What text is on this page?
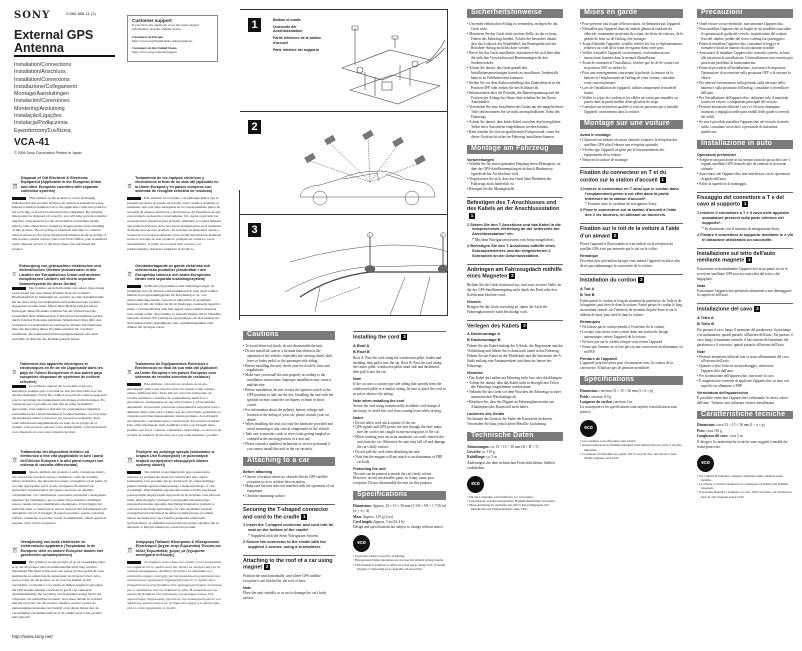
SONY	2-684-858-11 (1)
External GPS
Antenna
Installation/Connections
Installation/Anschluss
Installation/Connexions
Installazione/Collegamenti
Montage/Aansluitingen
Instalación/Conexiones
Montering/Anslutning
Instalação/Ligações
Instalacja/Podłączenia
Εγκατάσταση/Συνδέσεις
VCA-41
© 2006 Sony Corporation Printed in Japan
Customer support
If you have any questions or for the latest support information, visit the website below:
Customers in Europe
http://www.sonydigital-link.com/navigation/
Customers in the United States
http://www.sony.com/navsupport
Disposal of Old Electrical & Electronic Equipment (Applicable in the European Union and other European countries with separate collection systems)
This symbol on the product or on its packaging indicates that this product shall not be treated as household waste. Instead it shall be handed over to the applicable collection point for the recycling of electrical and electronic equipment. By ensuring this product is disposed of correctly, you will help prevent potential negative consequences for the environment and human health, which could otherwise be caused by inappropriate waste handling of this product. The recycling of materials will help to conserve natural resources. For more detailed information about recycling of this product, please contact your local Civic Office, your household waste disposal service or the shop where you purchased the product.
Tratamiento de los equipos eléctricos y electrónicos al final de su vida útil (aplicable en la Unión Europea y en países europeos con sistemas de recogida selectiva de residuos)
Este símbolo en el equipo o el embalaje indica que el presente producto no puede ser tratado como residuos domésticos normales, sino que debe entregarse en el correspondiente punto de recogida de equipos eléctricos y electrónicos. Al asegurarse de que este producto se desecha correctamente, Ud. ayuda a prevenir las consecuencias negativas para el medio ambiente y la salud humana que podrían derivarse de la incorrecta manipulación en el momento de deshacerse de este producto. El reciclaje de materiales ayuda a conservar los recursos naturales. Para recibir información detallada sobre el reciclaje de este producto, póngase en contacto con el ayuntamiento, el punto de recogida más cercano o el establecimiento donde ha adquirido el producto.
Entsorgung von gebrauchten elektrischen und elektronischen Geräten (anzuwenden in den Ländern der Europäischen Union und anderen europäischen Ländern mit einem separaten Sammelsystem für diese Geräte)
Das Symbol auf dem Produkt oder seiner Verpackung weist darauf hin, dass dieses Produkt nicht als normaler Haushaltsabfall zu behandeln ist, sondern an einer Annahmestelle für das Recycling von elektrischen und elektronischen Geräten abgegeben werden muss. Durch Ihren Beitrag zum korrekten Entsorgen dieses Produkts schützen Sie die Umwelt und die Gesundheit Ihrer Mitmenschen. Umwelt und Gesundheit werden durch falsches Entsorgen gefährdet. Materialrecycling hilft, den Verbrauch von Rohstoffen zu verringern. Weitere Informationen über das Recycling dieses Produkts erhalten Sie von Ihrer Gemeinde, den kommunalen Entsorgungsbetrieben oder dem Geschäft, in dem Sie das Produkt gekauft haben.
Omhändertagande av gamla elektriska och elektroniska produkter (Användbar i den Europeiska Unionen och andra Europeiska länder med separata insamlingssystem)
Symbolen på produkten eller emballaget anger att produkten inte får hanteras som hushållsavfall. Den skall i stället lämnas in på uppsamlingsplats för återvinning av el- och elektronikkomponenter. Genom att säkerställa att produkten hanteras på rätt sätt bidrar du till att förebygga eventuella negativa miljö- och hälsoeffekter som kan uppstå om produkten kasseras som vanligt avfall. Återvinning av material hjälper till att bibehålla naturens resurser. För ytterligare upplysningar om återvinning bör du kontakta lokala myndigheter eller sophämtningstjänst eller affären där du köpte varan.
Traitement des appareils électriques et électroniques en fin de vie (Applicable dans les pays de l'Union Européenne et aux autres pays européens disposant de systèmes de collecte sélective)
Ce symbole, apposé sur le produit ou sur son emballage, indique que ce produit ne doit pas être traité avec les déchets ménagers. Il doit être remis à un point de collecte approprié pour le recyclage des équipements électriques et électroniques. En s'assurant que ce produit est bien mis au rebut de manière appropriée, vous aiderez à prévenir les conséquences négatives potentielles pour l'environnement et la santé humaine. Le recyclage des matériaux aidera à préserver les ressources naturelles. Pour toute information supplémentaire au sujet du recyclage de ce produit, vous pouvez contacter votre municipalité, votre déchetterie ou le magasin où vous avez acheté le produit.
Tratamento de Equipamentos Eléctricos e Electrónicos no final da sua vida útil (Aplicável na União Europeia e em países Europeus com sistemas de recolha selectiva de resíduos)
Este símbolo, colocado no produto ou na sua embalagem, indica que este não deve ser tratado como resíduo urbano indiferenciado. Deve sim ser colocado num ponto de recolha destinado a resíduos de equipamentos eléctricos e electrónicos. Assegurando-se que este produto é correctamente depositado, irá prevenir potenciais consequências negativas para o ambiente bem como para a saúde, que de outra forma poderiam ser causadas pelo mau manuseamento destes produtos. A reciclagem dos materiais contribuirá para a conservação dos recursos naturais. Para obter informação mais detalhada sobre a reciclagem deste produto, por favor contacte o município onde reside, os serviços de recolha de resíduos da sua área ou a loja onde adquiriu o produto.
Trattamento del dispositivo elettrico od elettronico a fine vita (applicabile in tutti i paesi dell'Unione Europea e in altri paesi europei con sistema di raccolta differenziata)
Questo simbolo sul prodotto o sulla confezione indica che il prodotto non deve essere considerato come un normale rifiuto domestico, ma deve invece essere consegnato ad un punto di raccolta appropriato per il riciclo di apparecchi elettrici ed elettronici. Assicurandovi che questo prodotto sia smaltito correttamente, voi contribuirete a prevenire potenziali conseguenze negative per l'ambiente e per la salute che potrebbero altrimenti essere causate dal suo smaltimento inadeguato. Il riciclaggio dei materiali aiuta a conservare le risorse naturali. Per informazioni più dettagliate circa il riciclaggio di questo prodotto, potete contattare l'ufficio comunale, il servizio locale di smaltimento rifiuti oppure il negozio dove l'avete acquistato.
Pozbycie się zużytego sprzętu (stosowane w krajach Unii Europejskiej i w pozostałych krajach europejskich stosujących własne systemy zbiórki)
Ten symbol na produkcie lub jego opakowaniu oznacza, że produkt nie może być traktowany jako odpad komunalny, lecz powinno się go dostarczyć do odpowiedniego punktu zbiórki sprzętu elektrycznego i elektronicznego, w celu recyklingu. Odpowiednie zagospodarowanie wyrobu zapobiega potencjalnym negatywnym wpływom na środowisko oraz zdrowie ludzi, jakie mogłyby wystąpić w przypadku niewłaściwego zagospodarowania odpadów. Recykling materiałów pomoże w ochronie środowiska naturalnego. W celu uzyskania bardziej szczegółowych informacji na temat recyklingu tego produktu, należy skontaktować się z lokalną jednostką samorządu terytorialnego, ze służbami zagospodarowywania odpadów lub ze sklepem, w którym zakupiony został ten produkt.
Verwijdering van oude elektrische en elektronische apparaten (Toepasbaar in de Europese Unie en andere Europese landen met gescheiden ophaalsystemen)
Het symbool op het product of op de verpakking wijst erop dat dit product niet als huishoudelijk afval mag worden behandeld. Het moet echter naar een plaats worden gebracht waar elektrische en elektronische apparatuur wordt gerecycled. Als u ervoor zorgt dat dit product op de correcte manier wordt verwijderd, voorkomt u voor mens en milieu negatieve gevolgen die zich zouden kunnen voordoen in geval van verkeerde afvalbehandeling. De recycling van materialen draagt bij tot het vrijwaren van natuurlijke bronnen. Voor meer details in verband met het recyclen van dit product, neemt u contact op met de gemeentelijke instanties, het bedrijf of de dienst belast met de verwijdering van huishoudafval of de winkel waar u het product hebt gekocht.
Απόρριψη Παλαιού Ηλεκτρικού & Ηλεκτρονικού Εξοπλισμού (Ισχύει στην Ευρωπαϊκή Ένωση και άλλες Ευρωπαϊκές χώρες με ξεχωριστά συστήματα συλλογής)
Το σύμβολο αυτό επάνω στο προϊόν ή στη συσκευασία του σημαίνει ότι το προϊόν αυτό δεν πρέπει να πεταχτεί μαζί με τα οικιακά απορρίμματα. Αντίθετα, θα πρέπει να παραδοθεί στο κατάλληλο σημείο συλλογής για την ανακύκλωση ηλεκτρικού και ηλεκτρονικού εξοπλισμού. Εξασφαλίζοντας ότι το προϊόν αυτό απορρίπτεται σωστά, βοηθάτε στην πρόληψη αρνητικών συνεπειών για το περιβάλλον και την ανθρώπινη υγεία. Η ανακύκλωση των υλικών θα βοηθήσει στη διατήρηση των φυσικών πόρων. Για περισσότερες πληροφορίες σχετικά με την ανακύκλωση αυτού του προϊόντος, επικοινωνήστε με τις δημοτικές αρχές ή το κατάστημα από το οποίο αγοράσατε το προϊόν.
http://www.sony.net/
1	Bottom of cradle
Unterseite der Anschlussstation
Partie inférieure de la station d'accueil
Parte inferiore del supporto
2
3	A	B
Cautions
• To avoid electrical shock, do not disassemble the unit.
• Do not install the unit in a location that obstructs the operation of the vehicle, especially the steering wheel, shift lever or brake pedal, or the passenger side airbag.
• Before installing the unit, check your local traffic laws and regulations.
• Make sure you install the unit properly according to the installation instructions. Improper installation may cause a malfunction.
• Before installation, be sure to turn the ignition switch to the OFF position or take out the key. Installing the unit with the ignition on may cause the car battery to drain or short circuit.
• For information about the polarity, battery voltage and location of the airbag of your car, please consult your car dealer.
• When installing the unit, use only the hardware provided and avoid mounting to any critical components of the vehicle.
• Take care to prevent cords or wires from getting tangled or crimped in the moving portion of a seat rail.
• Please consult a qualified technician or service personnel if you cannot install this unit in the car securely.
Attaching to a car
Before attaching
• Choose a location where no obstacle blocks GPS satellite reception so as to achieve best reception.
• Make sure the unit does not interfere with the operation of car equipment.
• Clean the mounting surface.
Securing the T-shaped connector and cord to the cradle 1
1 Insert the T-shaped connector and cord into its seat on the bottom of the cradle*.
* Supplied with the Sony Navigation System.
2 Secure the connector to the cradle with the supplied 2 screws, using a screwdriver.
Attaching to the roof of a car using magnet 2
Position the unit horizontally, and where GPS satellite reception is not blocked by the roof or boot.
Note
Place the unit carefully so as not to damage the car's body surface.
Installing the cord 3
A Roof A
B Roof B
Roof A: Pass the cord along the windscreen pillar, fender and molding, then pull it into the car. Roof B: Pass the cord along the center pillar, windscreen pillar inner side and dashboard, then pull it into the car.
Note
If the car uses a curtain type side airbag that spreads from the windscreen pillar or a similar airbag, be sure to place the cord so as not to obstruct the airbag.
Note when installing the cord
Secure the cord using commercially available cord clamps if necessary, to avoid the cord from coming loose while driving.
Notes
• Do not allow cord slack outside of the car.
• GPS signals and GPS power are sent through the unit; make sure the cord is not caught in any moving parts of the car.
• When washing your car in an automatic car wash, remove the unit from the car. Otherwise the unit may fall off and damage the car's body surface.
• Do not pull the cord when detaching the unit.
• Note that the magnet will not attach to an aluminium or FRP car body.
Protecting the unit
The unit can be painted to match the car's body colour. However, do not use metallic paint, as it may cause poor reception. Do not disassemble the unit for this purpose.
Specifications
Dimensions: Approx. 33 × 15 × 36 mm (1 3/8 × 5/8 × 1 7/16 in) (w × h × d)
Mass: Approx. 110 g (4 oz)
Cord length: Approx. 5 m (16.4 ft)
Design and specifications are subject to change without notice.
eco
• Lead-free solder is used for soldering.
• Halogenated flame retardants are not used in printed wiring boards.
• This manual is printed on 100% recycled paper using VOC (Volatile Organic Compound)-free vegetable oil-based ink.
Sicherheitshinweise
• Um einen elektrischen Schlag zu vermeiden, zerlegen Sie das Gerät nicht.
• Montieren Sie das Gerät nicht an einer Stelle, an der es beim Fahren des Fahrzeugs hindert. Achten Sie besonders darauf, dass das Lenkrad, der Schalthebel, das Bremspedal und der Beifahrer-Airbag nicht blockiert werden.
• Bevor Sie das Gerät installieren, informieren Sie sich bitte über die örtlichen Vorschriften und Bestimmungen für den Straßenverkehr.
• Achten Sie darauf, das Gerät gemäß den Installationsanweisungen korrekt zu installieren. Andernfalls kann es zu Fehlfunktionen kommen.
• Stellen Sie vor dem Einbau unbedingt den Zündschlüssel in die Position OFF oder ziehen Sie den Schlüssel ab.
• Informationen über die Polarität, die Batteriespannung und die Position der Airbags bei Ihrem Auto erhalten Sie bei Ihrem Autohändler.
• Verwenden Sie zum Installieren des Geräts nur die mitgelieferten Teile und montieren Sie sie nicht an empfindlichen Teilen des Fahrzeugs.
• Achten Sie darauf, dass keine Kabel zwischen den beweglichen Teilen einer Sitzschiene eingeklemmt werden können.
• Bitte wenden Sie sich an qualifiziertes Fachpersonal, wenn Sie dieses Gerät nicht sicher im Fahrzeug installieren können.
Montage am Fahrzeug
Vorbereitungen
• Wählen Sie für einen optimalen Empfang einen Montageort, an dem der GPS-Satellitenempfang nicht durch Hindernisse irgendwelcher Art blockiert wird.
• Vergewissern Sie sich, dass das Gerät beim Bedienen des Fahrzeugs nicht hinderlich ist.
• Reinigen Sie die Montagestelle.
Befestigen des T-Anschlusses und des Kabels an der Anschlussstation1
1 Setzen Sie den T-Anschluss und das Kabel in die entsprechende Vertiefung an der Unterseite der Anschlussstation* ein.
* Mit dem Navigationssystem von Sony mitgeliefert.
2 Befestigen Sie den T-Anschluss mithilfe eines Schraubenziehers und der mitgelieferten 2 Schrauben an der Anschlussstation.
Anbringen am Fahrzeugdach mithilfe eines Magneten 2
Richten Sie das Gerät horizontal aus, und zwar an einer Stelle, an der der GPS-Satellitenempfang nicht durch das Dach oder den Kofferraum blockiert wird.
Hinweis
Bringen Sie das Gerät vorsichtig an, damit der Lack der Fahrzeugkarosserie nicht beschädigt wird.
Verlegen des Kabels 3
A Dachmontage A
B Dachmontage B
Führen Sie das Kabel entlang der A-Säule, der Regenrinne und der Verkleidung und führen Sie es dann nach innen in das Fahrzeug. Führen Sie das Kabel an der Mittelsäule und der Innenseite der A-Säule entlang zum Armaturenbrett und dann ins Innere des Fahrzeugs.
Hinweise
• Das Kabel darf außen am Fahrzeug nicht lose oder durchhängen.
• Achten Sie darauf, dass das Kabel nicht in beweglichen Teilen des Fahrzeugs eingeklemmt werden kann.
• Nehmen Sie das Gerät vor dem Waschen des Fahrzeugs in einer automatischen Waschanlage ab.
• Beachten Sie, dass der Magnet an Fahrzeugkarosserien aus Aluminium oder Kunststoff nicht haftet.
Lackieren des Geräts
Sie können das Gerät in der Farbe der Karosserie lackieren. Verwenden Sie dazu jedoch keine Metallic-Lackierung.
Technische Daten
Abmessungen: ca. 33 × 15 × 36 mm (B × H × T)
Gewicht: ca. 110 g
Kabellänge: ca. 5 m
Änderungen, die dem technischen Fortschritt dienen, bleiben vorbehalten.
eco
• Für die Lötpunkte wird bleifreies Lot verwendet.
• Leiterplatten wurden halogenfreie Flammschutzmittel verwendet.
• Diese Anleitung ist gedruckt auf 100 % Recyclingpapier mit Druckfarbe auf Pflanzenölbasis ohne VOC.
Mises en garde
• Pour prévenir tout risque d'électrocution, ne démontez pas l'appareil.
• N'installez pas l'appareil dans un endroit gênant la conduite du véhicule, notamment au niveau du volant, du levier de vitesses, de la pédale de frein ou de l'airbag côté passager.
• Avant d'installer l'appareil, veuillez vérifier les lois et réglementations relatives au code de la route en vigueur dans votre pays.
• Veillez à installer l'appareil correctement, conformément aux instructions fournies dans le manuel d'installation.
• Avant de commencer l'installation, vérifiez que la clé de contact est en position OFF ou retirez-la.
• Pour tout renseignement concernant la polarité, la tension de la batterie et l'emplacement de l'airbag de votre voiture, consultez votre concessionnaire.
• Lors de l'installation de l'appareil, utilisez uniquement le matériel fourni.
• Veillez à ce que les cordons et les câbles ne soient pas emmêlés ou pincés dans la partie mobile d'une glissière de siège.
• Consultez un technicien qualifié si vous ne parvenez pas à installer l'appareil correctement dans la voiture.
Montage sur une voiture
Avant le montage
• Choisissez un endroit où aucun obstacle n'entrave la réception des satellites GPS afin d'obtenir une réception optimale.
• Vérifiez que l'appareil ne gêne pas le fonctionnement des équipements de la voiture.
• Nettoyez la surface de montage.
Fixation du connecteur en T et du cordon sur la station d'accueil 1
1 Insérez le connecteur en T ainsi que le cordon dans l'emplacement prévu à cet effet dans la partie inférieure de la station d'accueil*.
* Fournie avec le système de navigation Sony.
2 Fixez le connecteur sur la station d'accueil à l'aide des 2 vis fournies, en utilisant un tournevis.
Fixation sur le toit de la voiture à l'aide d'un aimant 2
Placez l'appareil à l'horizontale et à un endroit où la réception du satellite GPS n'est pas entravée par le toit ou le coffre.
Remarque
Procédez avec précaution lorsque vous mettez l'appareil en place afin de ne pas endommager la carrosserie de la voiture.
Installation du cordon 3
A Toit A
B Toit B
Faites passer le cordon le long du montant du pare-brise, de l'aile et de la baguette, puis tirez-le dans la voiture. Faites passer le cordon le long du montant central, sur l'intérieur du montant du pare-brise et sur le tableau de bord, puis tirez-le dans la voiture.
Remarques
• Ne laissez pas le cordon pendre à l'extérieur de la voiture.
• Lorsque vous lavez votre voiture dans une station de lavage automatique, retirez l'appareil de la voiture.
• Ne tirez pas sur le cordon lorsque vous retirez l'appareil.
• Notez que l'aimant ne se fixe pas sur une carrosserie en aluminium ou en FRP.
Peinture de l'appareil
L'appareil peut être peint pour s'harmoniser avec la couleur de la carrosserie. N'utilisez pas de peinture métallisée.
Spécifications
Dimensions : environ 33 × 15 × 36 mm (l × h × p)
Poids : environ 110 g
Longueur du cordon : environ 5 m
La conception et les spécifications sont sujettes à modification sans préavis.
eco
• Les soudures sont effectuées sans plomb.
• Aucun retardateur de flamme halogéné n'est utilisé dans les cartes à circuits imprimés.
• Ce manuel est imprimé sur papier 100 % recyclé avec des encres à base d'huile végétale sans COV.
Precauzioni
• Onde evitare scosse elettriche, non smontare l'apparecchio.
• Non installare l'apparecchio in luoghi in cui potrebbe ostacolare le operazioni di guida del veicolo, in particolare del volante, leva del cambio, pedale del freno o airbag lato passeggero.
• Prima di installare l'apparecchio, consultare le leggi e le normative locali in materia di circolazione stradale.
• Assicurarsi di installare l'apparecchio in modo corretto, in base alle istruzioni di installazione. Un'installazione non corretta può provocare problemi di funzionamento.
• Prima di procedere all'installazione, assicurarsi di impostare l'interruttore di accensione sulla posizione OFF o di estrarre la chiave.
• Per ulteriori informazioni sulla polarità, sulla tensione della batteria e sulla posizione dell'airbag, consultare il rivenditore dell'auto.
• Per l'installazione dell'apparecchio, utilizzare solo il materiale fornito ed evitare i componenti principali del veicolo.
• Prestare attenzione affinché i cavi o i fili non rimangano incastrati o impigliati nelle parti mobili delle guide scorrevoli dei sedili.
• Se non è possibile installare l'apparecchio nel veicolo in modo saldo, consultare un tecnico o personale di assistenza qualificato.
Installazione in auto
Operazioni preliminari
• Scegliere una posizione in cui nessun ostacolo possa bloccare i segnali satellitari GPS in modo tale da ottenere la ricezione ottimale.
• Assicurarsi che l'apparecchio non interferisca con le operazioni di guida dell'auto.
• Pulire la superficie di montaggio.
Fissaggio del connettore a T e del cavo al supporto 1
1 Inserire il connettore a T e il cavo nelle apposite scanalature presenti sulla parte inferiore del supporto*.
* In dotazione con il sistema di navigazione Sony.
2 Fissare il connettore al supporto mediante le 2 viti in dotazione utilizzando un cacciavite.
Installazione sul tetto dell'auto mediante magnete 2
Posizionare orizzontalmente l'apparecchio in un punto in cui la ricezione satellitare GPS non sia ostacolata dal tetto o dal bagagliaio.
Nota
Posizionare l'apparecchio prestando attenzione a non danneggiare la superficie dell'auto.
Installazione del cavo 3
A Tetto A
B Tetto B
Far passare il cavo lungo il montante del parabrezza, il parafango e la modanatura, quindi portarlo all'interno dell'auto. Far passare il cavo lungo il montante centrale, il lato interno del montante del parabrezza e il cruscotto, quindi portarlo all'interno dell'auto.
Note
• Prestare attenzione affinché non vi siano allentamenti del cavo all'esterno dell'auto.
• Quando si lava l'auto in un autolavaggio, rimuovere l'apparecchio dall'auto.
• Per la rimozione dell'apparecchio, non tirare il cavo.
• Il magnete non consente di applicare l'apparecchio su auto con superfici in alluminio o FRP.
Verniciatura dell'apparecchio
È possibile verniciare l'apparecchio utilizzando lo stesso colore dell'auto. Tuttavia, non utilizzare vernice metallizzata.
Caratteristiche tecniche
Dimensioni: circa 33 × 15 × 36 mm (l × a × p)
Peso: circa 110 g
Lunghezza del cavo: circa 5 m
Il design e le caratteristiche tecniche sono soggetti a modifiche senza preavviso.
eco
• Per i giunti di saldatura, vengono utilizzate leghe saldanti senza piombo.
• Le schede a circuiti stampati non contengono ritardanti alla fiamma alogenati.
• Il presente manuale è stampato su carta 100% riciclata con inchiostri a base di olio vegetale senza COV.
